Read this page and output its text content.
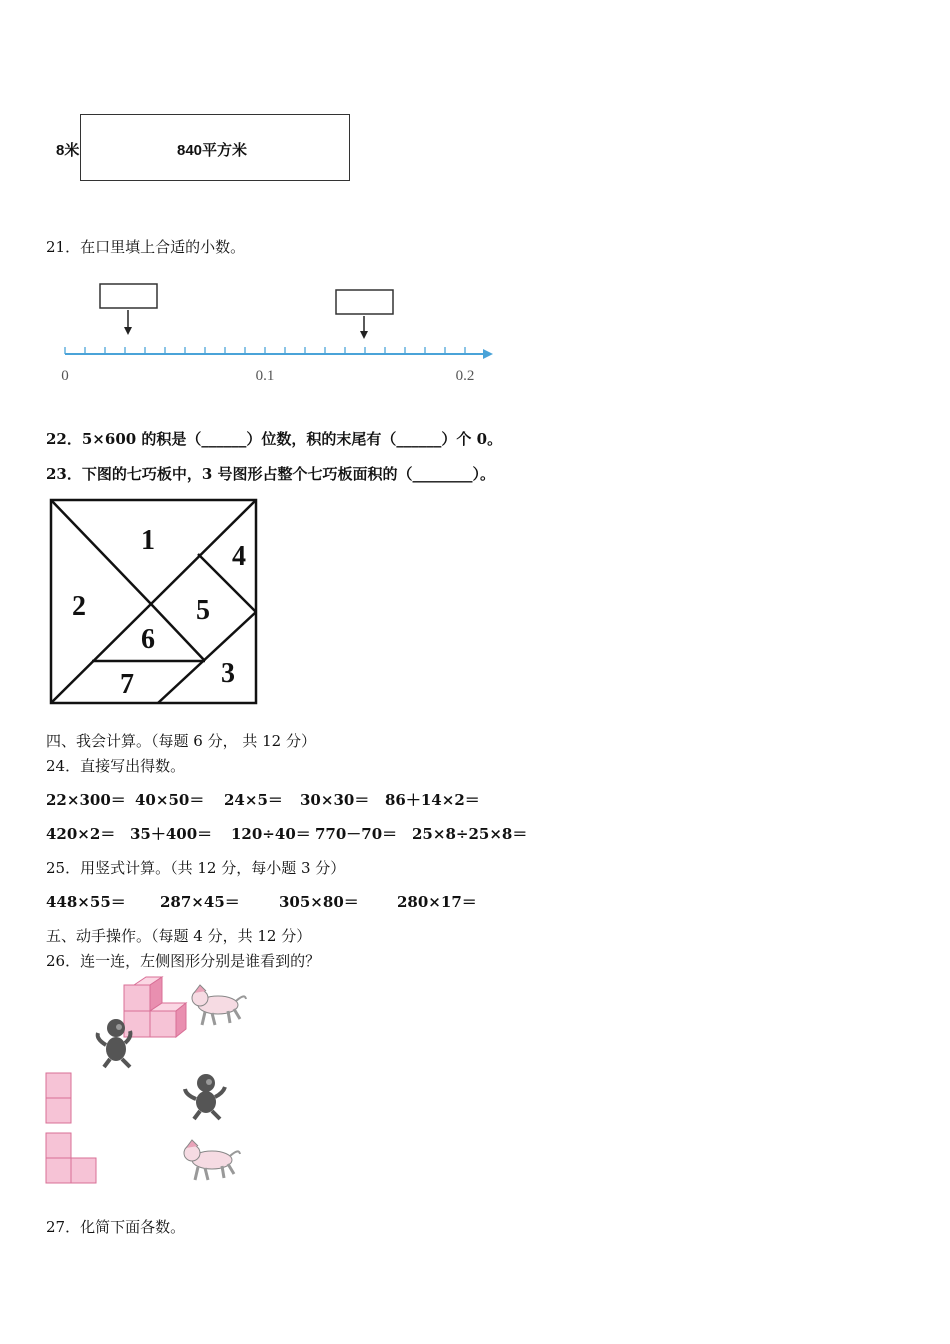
8米	840平方米
21．在口里填上合适的小数。
0	0.1	0.2
22．5×600 的积是（______）位数，积的末尾有（______）个 0。
23．下图的七巧板中，3 号图形占整个七巧板面积的（________）。
1
2
3
4
5
6
7
四、我会计算。（每题 6 分， 共 12 分）
24．直接写出得数。
22×300＝ 40×50＝ 24×5＝ 30×30＝ 86＋14×2＝
420×2＝ 35＋400＝ 120÷40＝ 770－70＝ 25×8÷25×8＝
25．用竖式计算。（共 12 分，每小题 3 分）
448×55＝ 287×45＝	305×80＝	280×17＝
五、动手操作。（每题 4 分，共 12 分）
26．连一连，左侧图形分别是谁看到的？
27．化简下面各数。
